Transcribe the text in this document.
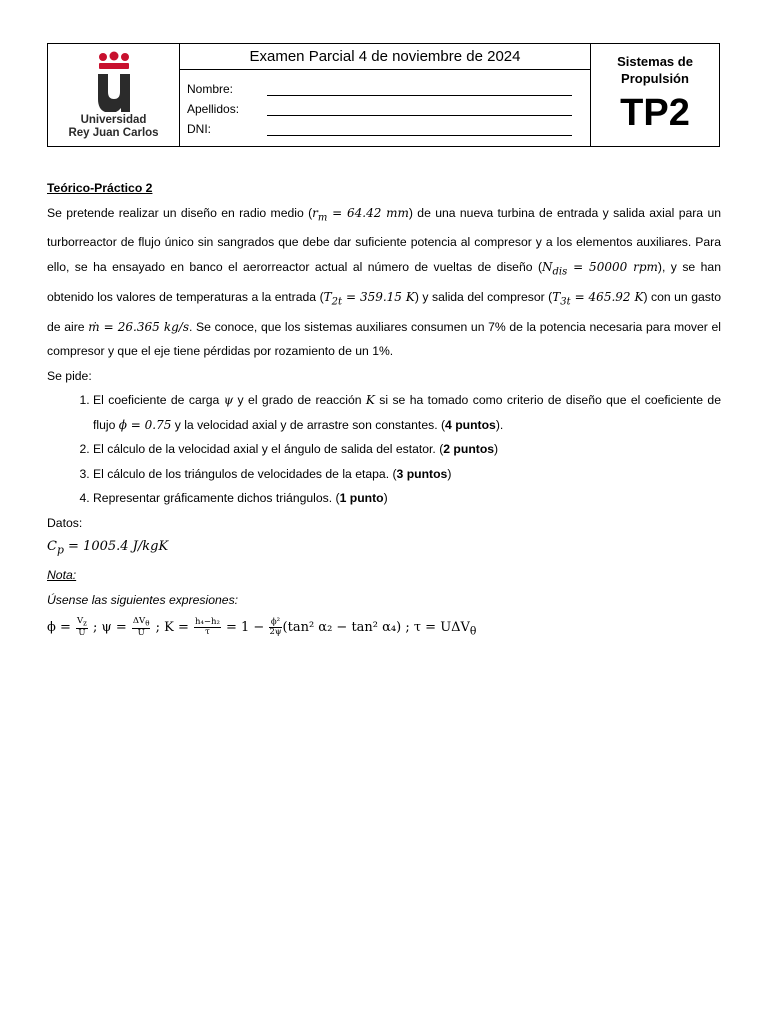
Universidad
Rey Juan Carlos
Examen Parcial 4 de noviembre de 2024
Nombre:
Apellidos:
DNI:
Sistemas de
Propulsión
TP2

Teórico-Práctico 2

Se pretende realizar un diseño en radio medio ($r_m = 64.42$ mm) de una nueva turbina de entrada y salida axial para un turborreactor de flujo único sin sangrados que debe dar suficiente potencia al compresor y a los elementos auxiliares. Para ello, se ha ensayado en banco el aerorreactor actual al número de vueltas de diseño ($N_{dis} = 50000$ rpm), y se han obtenido los valores de temperaturas a la entrada ($T_{2t} = 359.15$ K) y salida del compresor ($T_{3t} = 465.92$ K) con un gasto de aire ṁ = 26.365 kg/s. Se conoce, que los sistemas auxiliares consumen un 7% de la potencia necesaria para mover el compresor y que el eje tiene pérdidas por rozamiento de un 1%.

Se pide:

1. El coeficiente de carga ψ y el grado de reacción K si se ha tomado como criterio de diseño que el coeficiente de flujo ϕ = 0.75 y la velocidad axial y de arrastre son constantes. (4 puntos).
2. El cálculo de la velocidad axial y el ángulo de salida del estator. (2 puntos)
3. El cálculo de los triángulos de velocidades de la etapa. (3 puntos)
4. Representar gráficamente dichos triángulos. (1 punto)

Datos:

$C_p = 1005.4$ J/kgK

Nota:

Úsense las siguientes expresiones:

$\phi = \frac{V_z}{U}$ ; $\psi = \frac{\Delta V_\theta}{U}$ ; $K = \frac{\text{h₄−h₂}}{\tau} = 1 - \frac{\text{ϕ²}}{2\psi} (\tan^2$ α₂ − tan² α₄) ; $\tau = U\Delta V_\theta$
